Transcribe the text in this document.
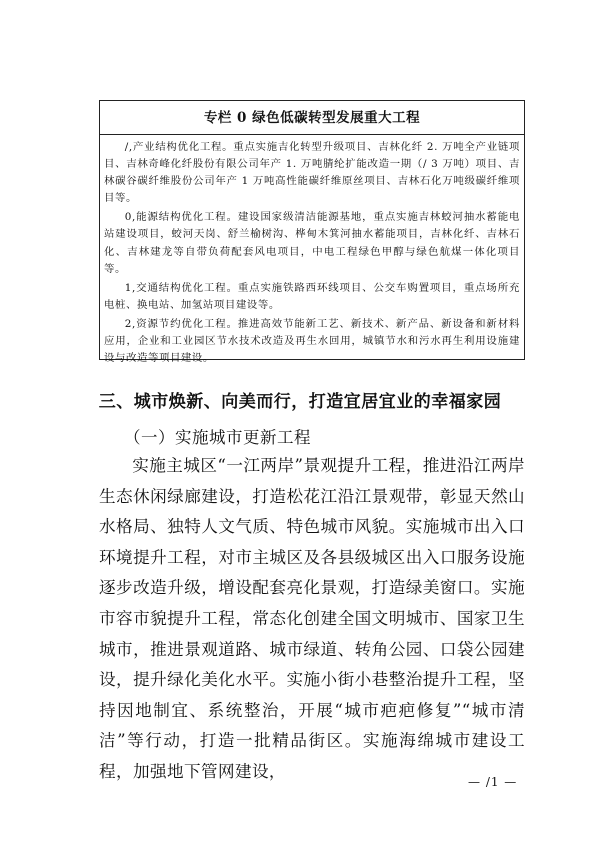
专栏 0 绿色低碳转型发展重大工程

/,产业结构优化工程。重点实施吉化转型升级项目、吉林化纤 2. 万吨全产业链项目、吉林奇峰化纤股份有限公司年产 1. 万吨腈纶扩能改造一期（/ 3 万吨）项目、吉林碳谷碳纤维股份公司年产 1 万吨高性能碳纤维原丝项目、吉林石化万吨级碳纤维项目等。

0,能源结构优化工程。建设国家级清洁能源基地，重点实施吉林蛟河抽水蓄能电站建设项目，蛟河天岗、舒兰榆树沟、桦甸木箕河抽水蓄能项目，吉林化纤、吉林石化、吉林建龙等自带负荷配套风电项目，中电工程绿色甲醇与绿色航煤一体化项目等。

1,交通结构优化工程。重点实施铁路西环线项目、公交车购置项目，重点场所充电桩、换电站、加氢站项目建设等。

2,资源节约优化工程。推进高效节能新工艺、新技术、新产品、新设备和新材料应用，企业和工业园区节水技术改造及再生水回用，城镇节水和污水再生利用设施建设与改造等项目建设。

三、城市焕新、向美而行，打造宜居宜业的幸福家园
（一）实施城市更新工程

实施主城区“一江两岸”景观提升工程，推进沿江两岸生态休闲绿廊建设，打造松花江沿江景观带，彰显天然山水格局、独特人文气质、特色城市风貌。实施城市出入口环境提升工程，对市主城区及各县级城区出入口服务设施逐步改造升级，增设配套亮化景观，打造绿美窗口。实施市容市貌提升工程，常态化创建全国文明城市、国家卫生城市，推进景观道路、城市绿道、转角公园、口袋公园建设，提升绿化美化水平。实施小街小巷整治提升工程，坚持因地制宜、系统整治，开展“城市疤疤修复”“城市清洁”等行动，打造一批精品街区。实施海绵城市建设工程，加强地下管网建设，

— /1 —
